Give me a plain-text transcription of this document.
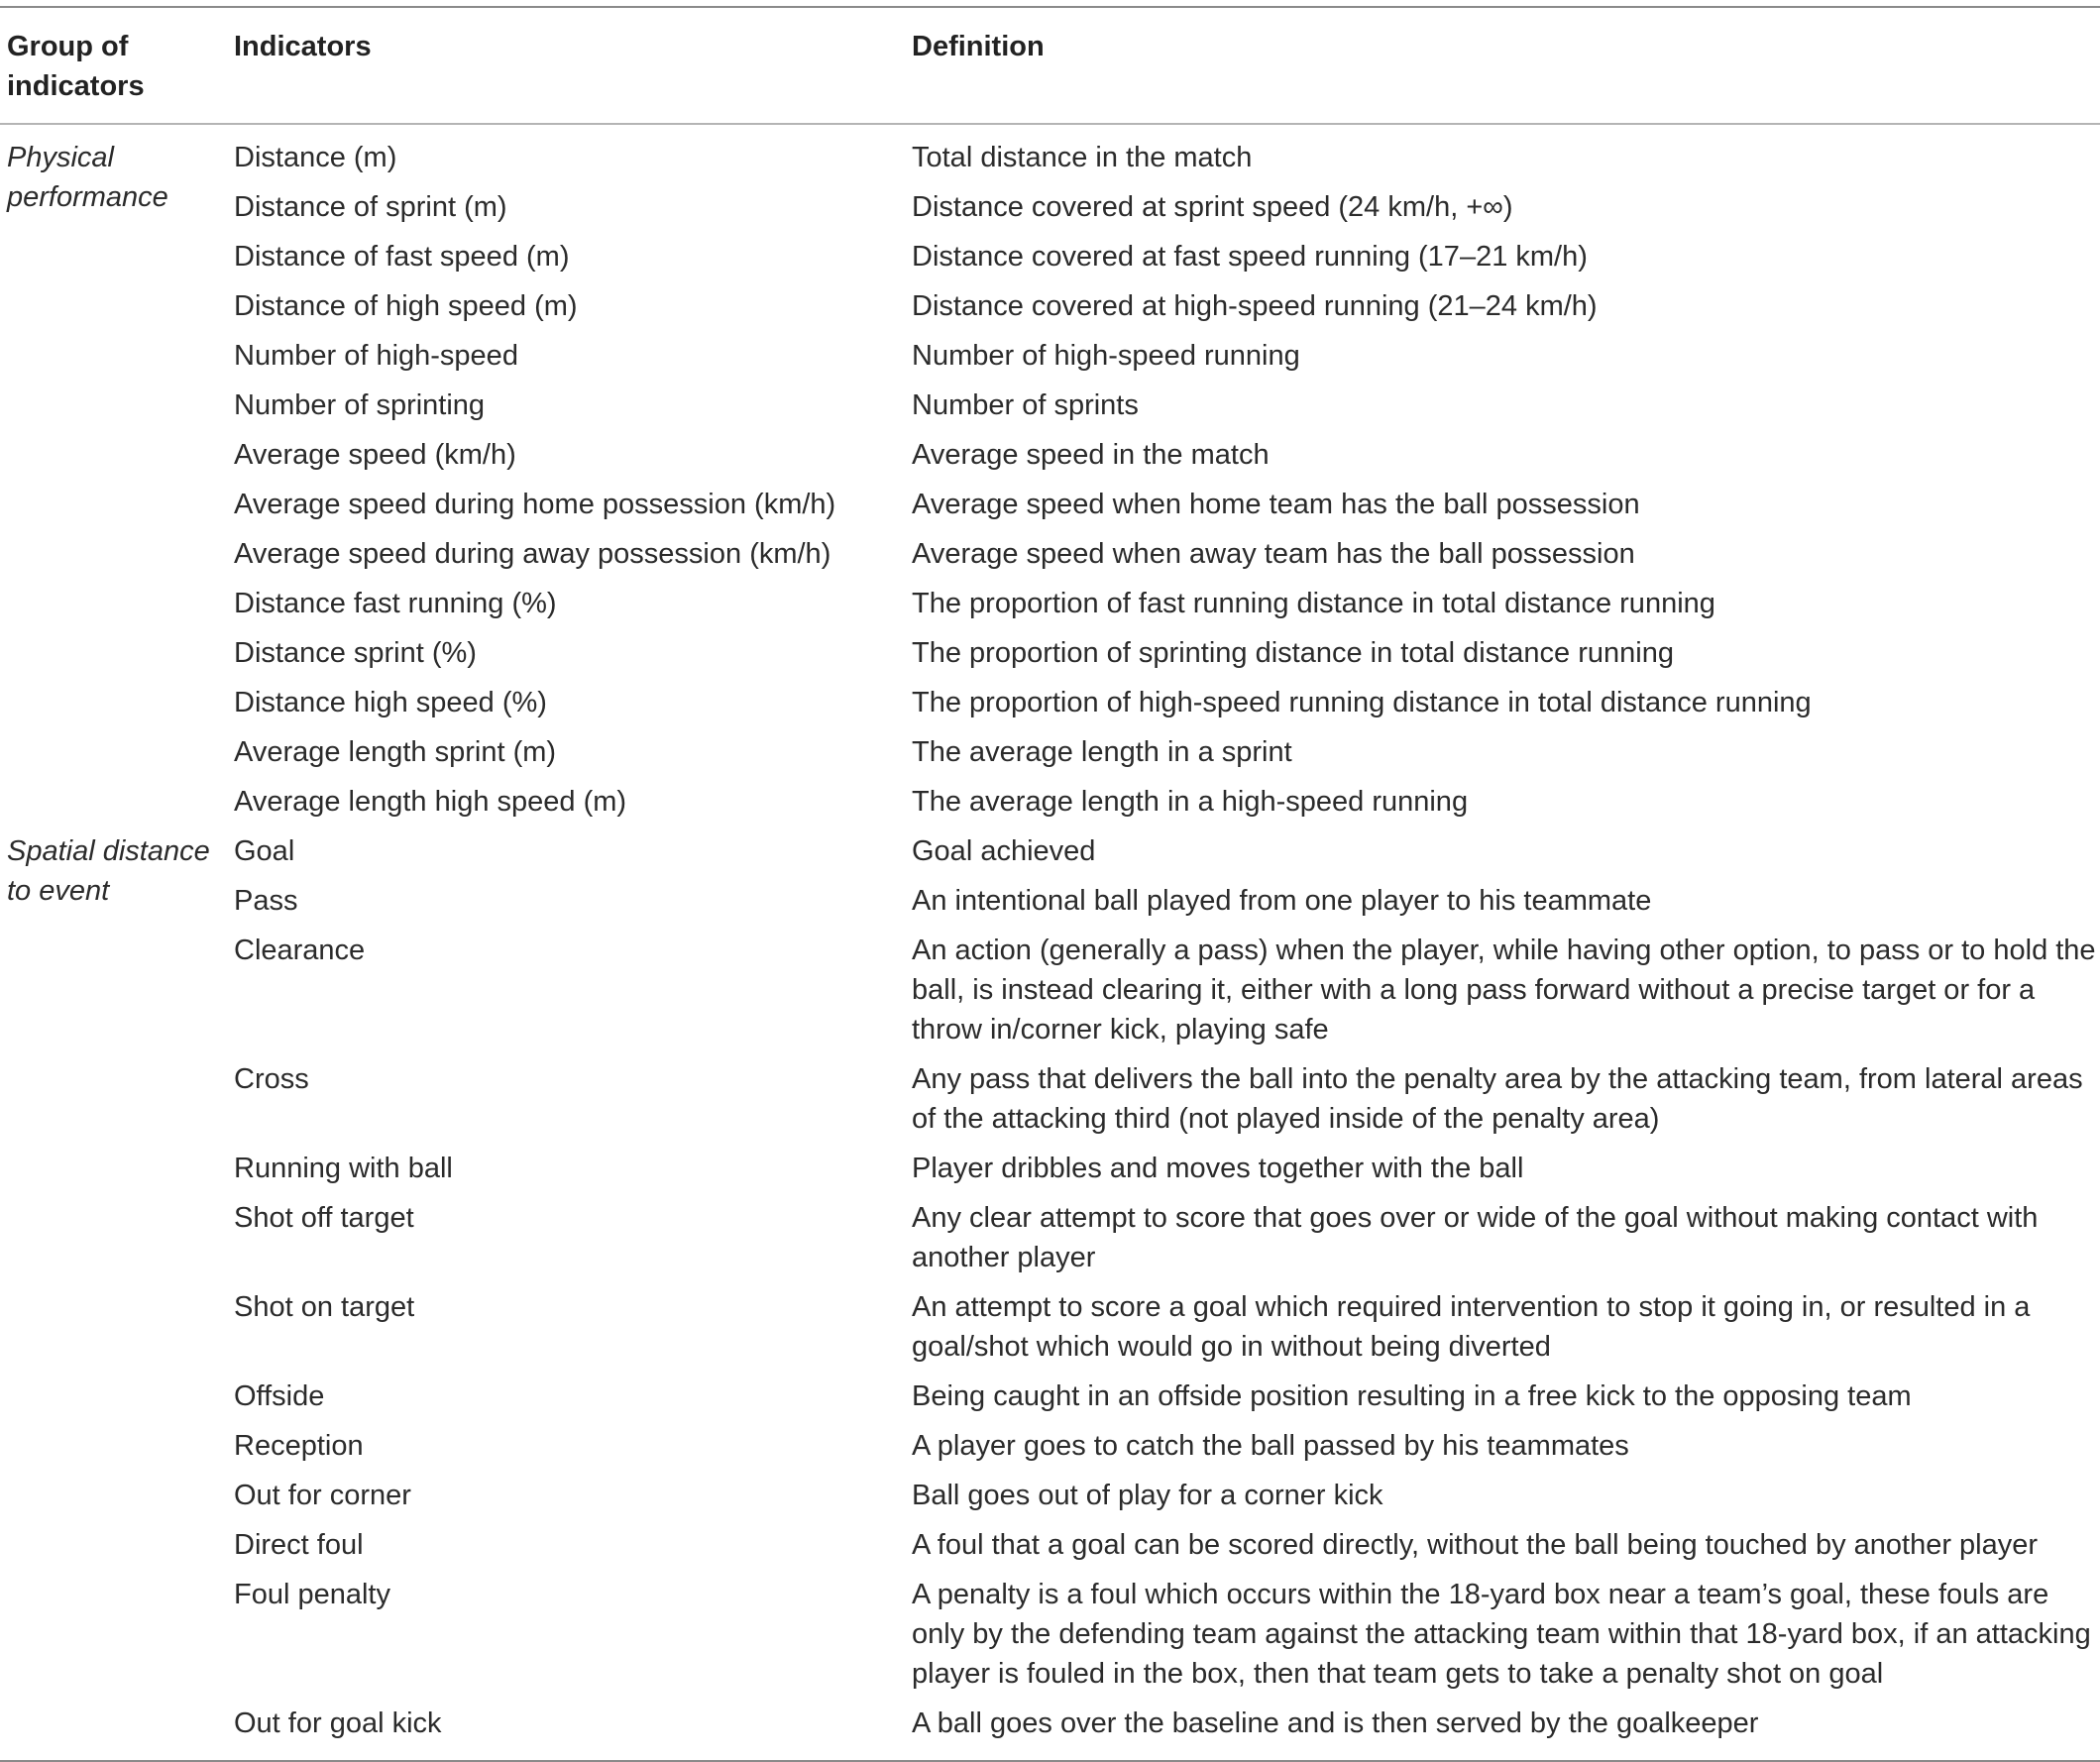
Group of indicators	Indicators	Definition
Physical performance	Distance (m)	Total distance in the match
	Distance of sprint (m)	Distance covered at sprint speed (24 km/h, +∞)
	Distance of fast speed (m)	Distance covered at fast speed running (17–21 km/h)
	Distance of high speed (m)	Distance covered at high-speed running (21–24 km/h)
	Number of high-speed	Number of high-speed running
	Number of sprinting	Number of sprints
	Average speed (km/h)	Average speed in the match
	Average speed during home possession (km/h)	Average speed when home team has the ball possession
	Average speed during away possession (km/h)	Average speed when away team has the ball possession
	Distance fast running (%)	The proportion of fast running distance in total distance running
	Distance sprint (%)	The proportion of sprinting distance in total distance running
	Distance high speed (%)	The proportion of high-speed running distance in total distance running
	Average length sprint (m)	The average length in a sprint
	Average length high speed (m)	The average length in a high-speed running
Spatial distance to event	Goal	Goal achieved
	Pass	An intentional ball played from one player to his teammate
	Clearance	An action (generally a pass) when the player, while having other option, to pass or to hold the ball, is instead clearing it, either with a long pass forward without a precise target or for a throw in/corner kick, playing safe
	Cross	Any pass that delivers the ball into the penalty area by the attacking team, from lateral areas of the attacking third (not played inside of the penalty area)
	Running with ball	Player dribbles and moves together with the ball
	Shot off target	Any clear attempt to score that goes over or wide of the goal without making contact with another player
	Shot on target	An attempt to score a goal which required intervention to stop it going in, or resulted in a goal/shot which would go in without being diverted
	Offside	Being caught in an offside position resulting in a free kick to the opposing team
	Reception	A player goes to catch the ball passed by his teammates
	Out for corner	Ball goes out of play for a corner kick
	Direct foul	A foul that a goal can be scored directly, without the ball being touched by another player
	Foul penalty	A penalty is a foul which occurs within the 18-yard box near a team’s goal, these fouls are only by the defending team against the attacking team within that 18-yard box, if an attacking player is fouled in the box, then that team gets to take a penalty shot on goal
	Out for goal kick	A ball goes over the baseline and is then served by the goalkeeper
